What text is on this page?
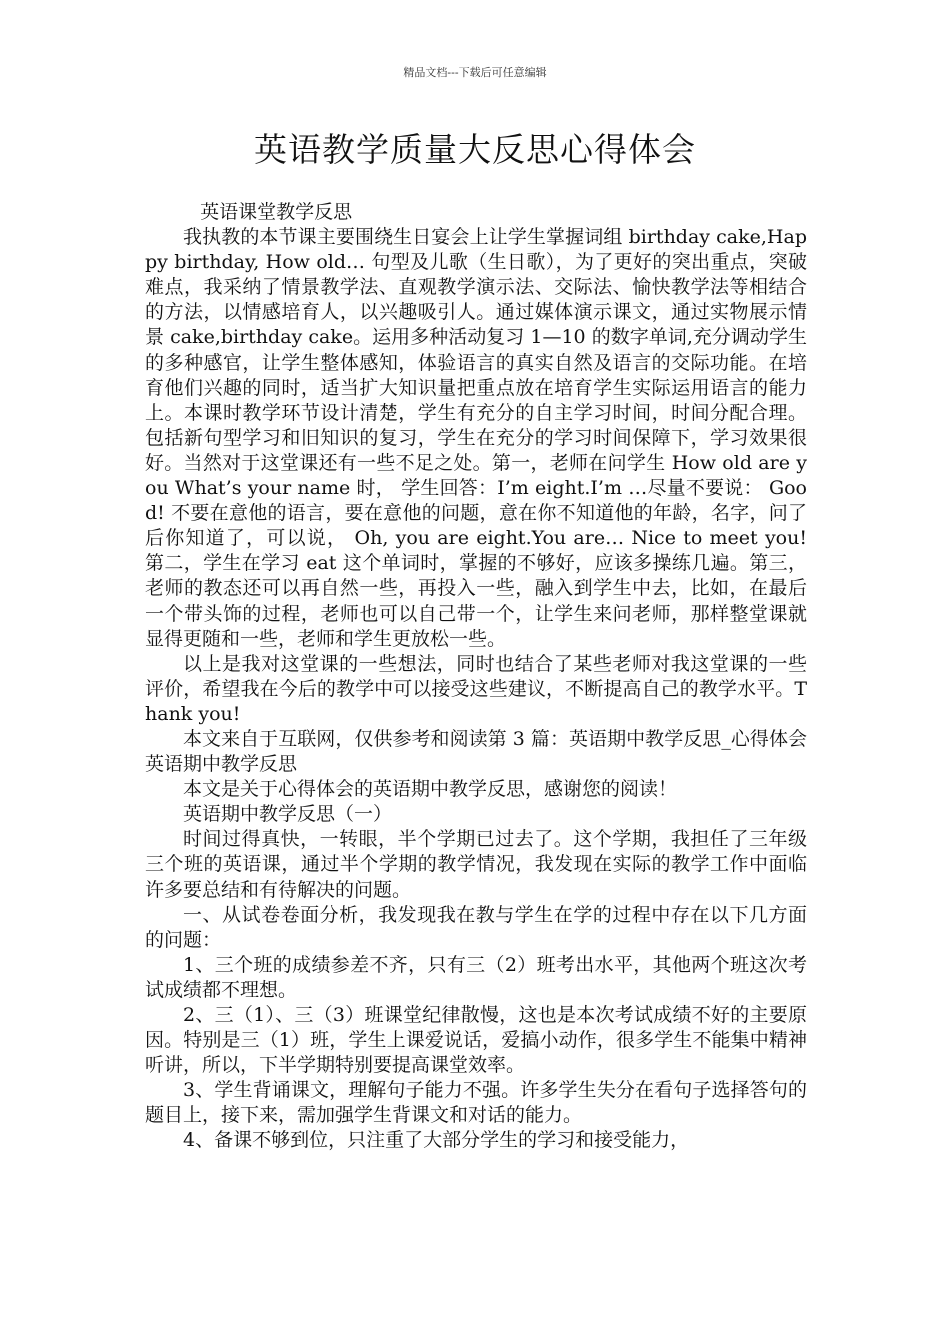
精品文档---下载后可任意编辑
英语教学质量大反思心得体会

英语课堂教学反思

我执教的本节课主要围绕生日宴会上让学生掌握词组 birthday cake,Happy birthday, How old… 句型及儿歌（生日歌），为了更好的突出重点，突破难点，我采纳了情景教学法、直观教学演示法、交际法、愉快教学法等相结合的方法，以情感培育人，以兴趣吸引人。通过媒体演示课文，通过实物展示情景 cake,birthday cake。运用多种活动复习 1—10 的数字单词,充分调动学生的多种感官，让学生整体感知，体验语言的真实自然及语言的交际功能。在培育他们兴趣的同时，适当扩大知识量把重点放在培育学生实际运用语言的能力上。本课时教学环节设计清楚，学生有充分的自主学习时间，时间分配合理。包括新句型学习和旧知识的复习，学生在充分的学习时间保障下，学习效果很好。当然对于这堂课还有一些不足之处。第一，老师在问学生 How old are you What’s your name 时， 学生回答：I’m eight.I’m …尽量不要说： Good! 不要在意他的语言，要在意他的问题，意在你不知道他的年龄，名字，问了后你知道了，可以说， Oh, you are eight.You are… Nice to meet you! 第二，学生在学习 eat 这个单词时，掌握的不够好，应该多操练几遍。第三，老师的教态还可以再自然一些，再投入一些，融入到学生中去，比如，在最后一个带头饰的过程，老师也可以自己带一个，让学生来问老师，那样整堂课就显得更随和一些，老师和学生更放松一些。

以上是我对这堂课的一些想法，同时也结合了某些老师对我这堂课的一些评价，希望我在今后的教学中可以接受这些建议，不断提高自己的教学水平。Thank you!

本文来自于互联网，仅供参考和阅读第 3 篇：英语期中教学反思_心得体会英语期中教学反思

本文是关于心得体会的英语期中教学反思，感谢您的阅读！

英语期中教学反思（一）

时间过得真快，一转眼，半个学期已过去了。这个学期，我担任了三年级三个班的英语课，通过半个学期的教学情况，我发现在实际的教学工作中面临许多要总结和有待解决的问题。

一、从试卷卷面分析，我发现我在教与学生在学的过程中存在以下几方面的问题：

1、三个班的成绩参差不齐，只有三（2）班考出水平，其他两个班这次考试成绩都不理想。

2、三（1）、三（3）班课堂纪律散慢，这也是本次考试成绩不好的主要原因。特别是三（1）班，学生上课爱说话，爱搞小动作，很多学生不能集中精神听讲，所以，下半学期特别要提高课堂效率。

3、学生背诵课文，理解句子能力不强。许多学生失分在看句子选择答句的题目上，接下来，需加强学生背课文和对话的能力。

4、备课不够到位，只注重了大部分学生的学习和接受能力，
